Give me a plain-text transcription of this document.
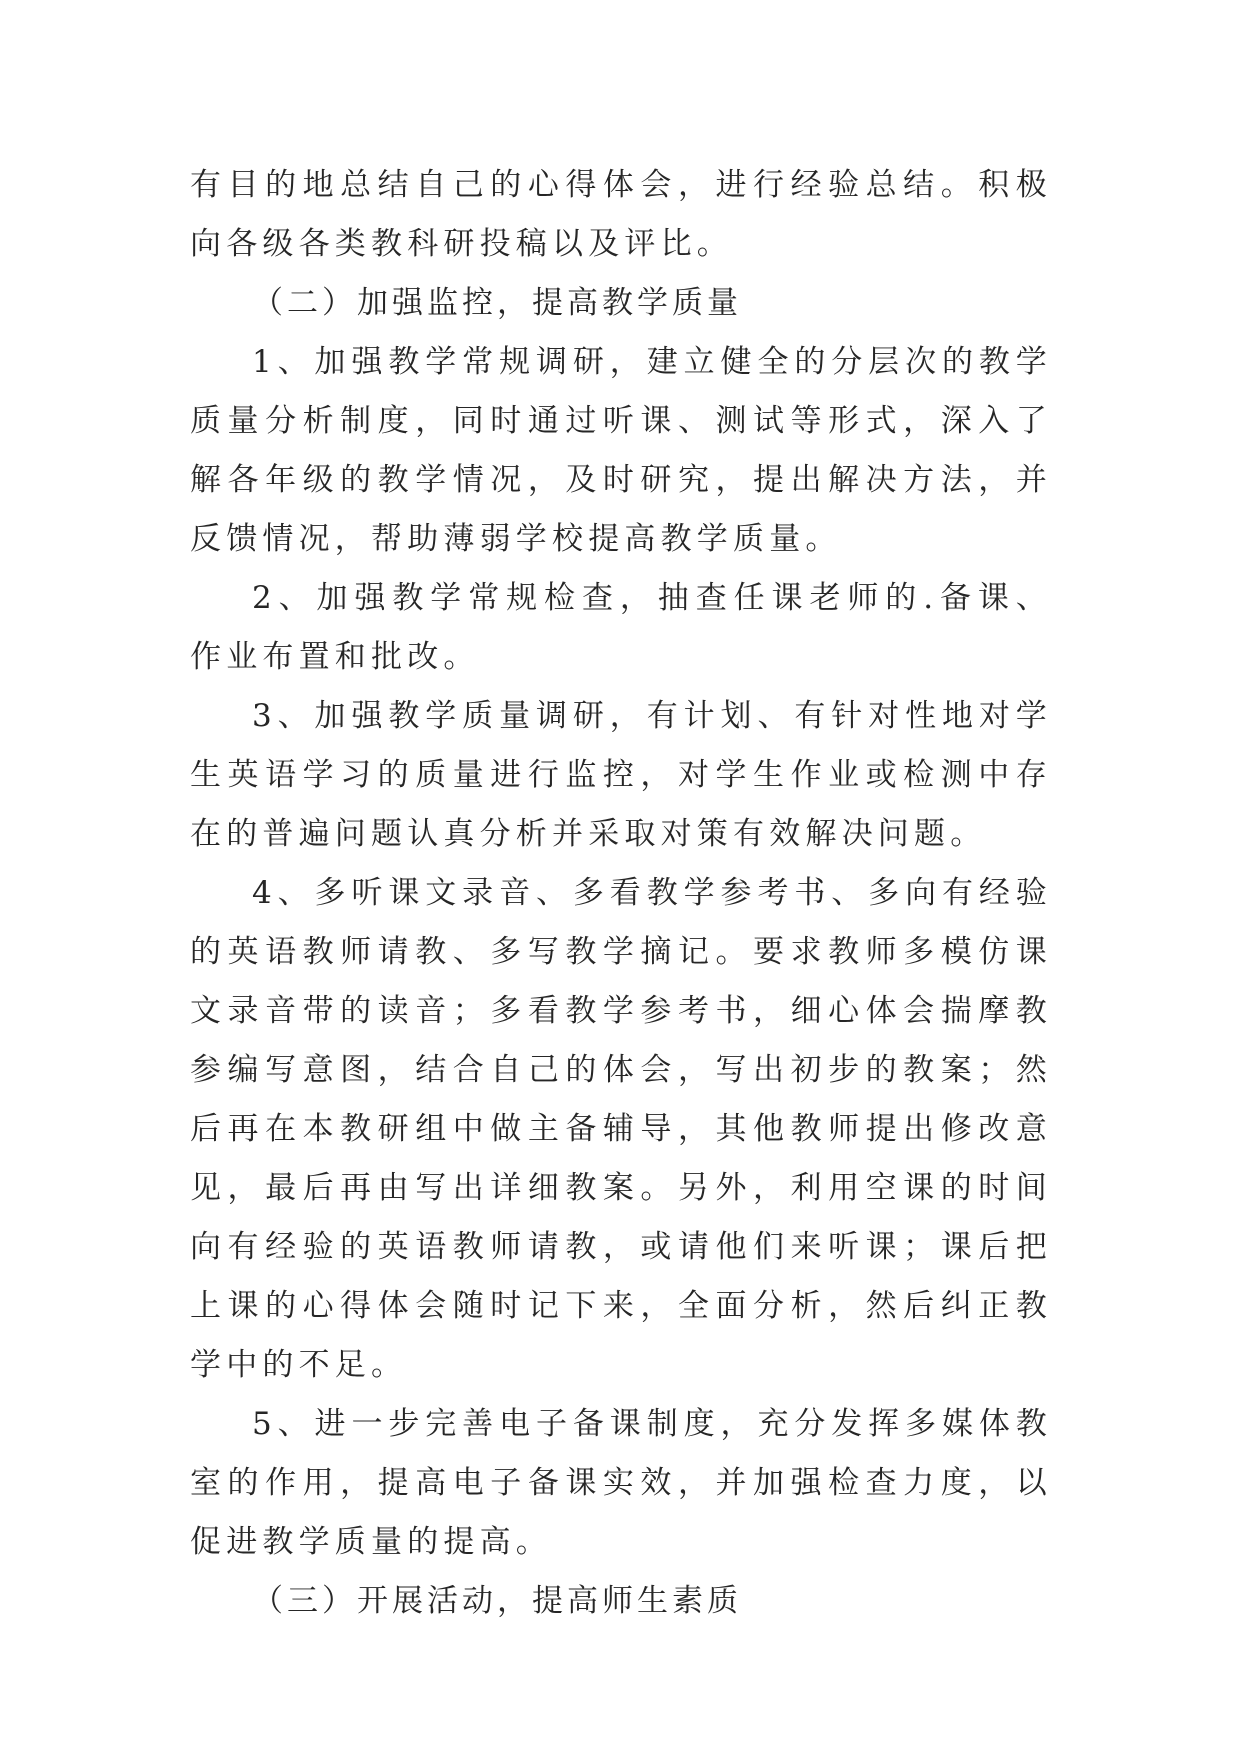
有目的地总结自己的心得体会，进行经验总结。积极向各级各类教科研投稿以及评比。

（二）加强监控，提高教学质量

1、加强教学常规调研，建立健全的分层次的教学质量分析制度，同时通过听课、测试等形式，深入了解各年级的教学情况，及时研究，提出解决方法，并反馈情况，帮助薄弱学校提高教学质量。

2、加强教学常规检查，抽查任课老师的.备课、作业布置和批改。

3、加强教学质量调研，有计划、有针对性地对学生英语学习的质量进行监控，对学生作业或检测中存在的普遍问题认真分析并采取对策有效解决问题。

4、多听课文录音、多看教学参考书、多向有经验的英语教师请教、多写教学摘记。要求教师多模仿课文录音带的读音；多看教学参考书，细心体会揣摩教参编写意图，结合自己的体会，写出初步的教案；然后再在本教研组中做主备辅导，其他教师提出修改意见，最后再由写出详细教案。另外，利用空课的时间向有经验的英语教师请教，或请他们来听课；课后把上课的心得体会随时记下来，全面分析，然后纠正教学中的不足。

5、进一步完善电子备课制度，充分发挥多媒体教室的作用，提高电子备课实效，并加强检查力度，以促进教学质量的提高。

（三）开展活动，提高师生素质
